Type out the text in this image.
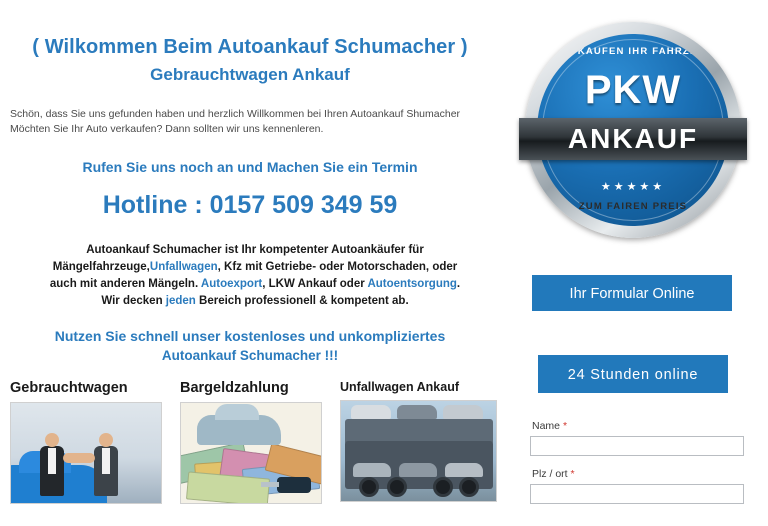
( Wilkommen Beim Autoankauf Schumacher )
Gebrauchtwagen Ankauf
Schön, dass Sie uns gefunden haben und herzlich Willkommen bei Ihren Autoankauf Shumacher
Möchten Sie Ihr Auto verkaufen? Dann sollten wir uns kennenleren.
Rufen Sie uns noch an und Machen Sie ein Termin
Hotline : 0157 509 349 59
Autoankauf Schumacher ist Ihr kompetenter Autoankäufer für Mängelfahrzeuge,Unfallwagen, Kfz mit Getriebe- oder Motorschaden, oder auch mit anderen Mängeln. Autoexport, LKW Ankauf oder Autoentsorgung. Wir decken jeden Bereich professionell & kompetent ab.
Nutzen Sie schnell unser kostenloses und unkompliziertes
Autoankauf Schumacher !!!
Gebrauchtwagen	Bargeldzahlung	Unfallwagen Ankauf
WIR KAUFEN IHR FAHRZEUG
PKW
★★★★★
ZUM FAIREN PREIS
ANKAUF
Ihr Formular Online
24 Stunden online
Name *
Plz / ort *
